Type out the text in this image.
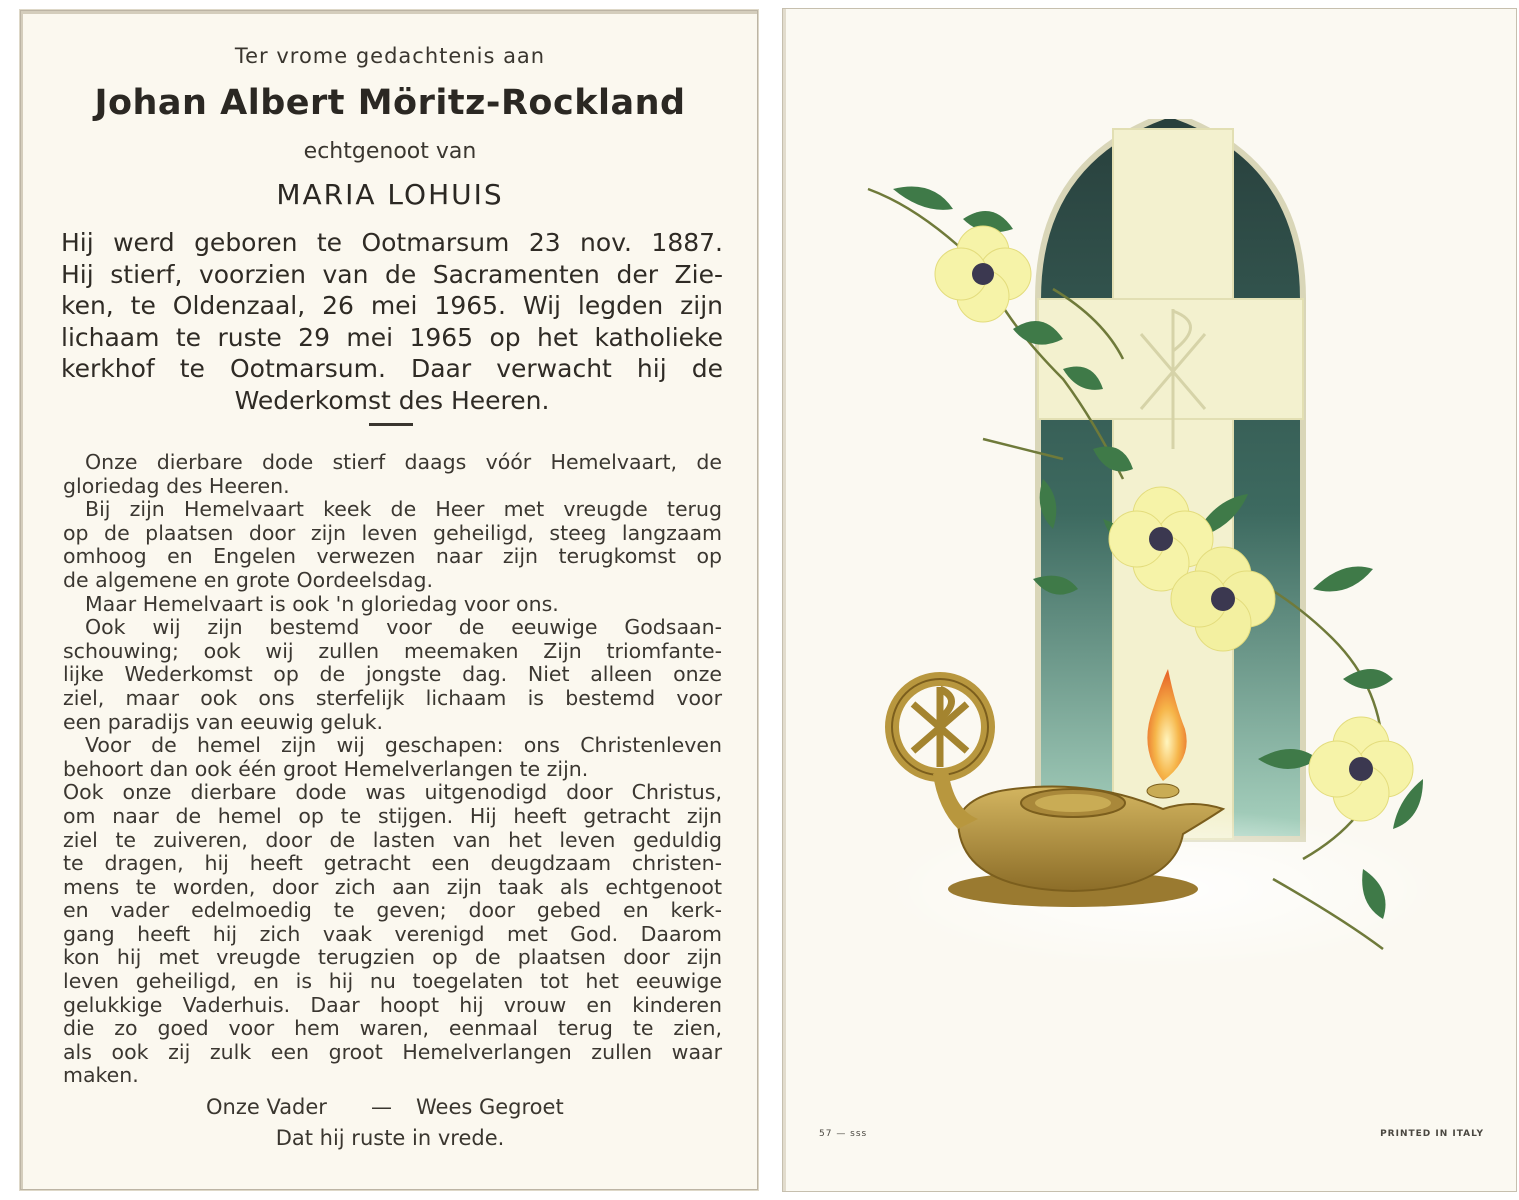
Ter vrome gedachtenis aan
Johan Albert Möritz-Rockland
echtgenoot van
MARIA LOHUIS
Hij werd geboren te Ootmarsum 23 nov. 1887.
Hij stierf, voorzien van de Sacramenten der Zie-
ken, te Oldenzaal, 26 mei 1965. Wij legden zijn
lichaam te ruste 29 mei 1965 op het katholieke
kerkhof te Ootmarsum. Daar verwacht hij de
Wederkomst des Heeren.
Onze dierbare dode stierf daags vóór Hemelvaart, de
gloriedag des Heeren.
Bij zijn Hemelvaart keek de Heer met vreugde terug
op de plaatsen door zijn leven geheiligd, steeg langzaam
omhoog en Engelen verwezen naar zijn terugkomst op
de algemene en grote Oordeelsdag.
Maar Hemelvaart is ook 'n gloriedag voor ons.
Ook wij zijn bestemd voor de eeuwige Godsaan-
schouwing; ook wij zullen meemaken Zijn triomfante-
lijke Wederkomst op de jongste dag. Niet alleen onze
ziel, maar ook ons sterfelijk lichaam is bestemd voor
een paradijs van eeuwig geluk.
Voor de hemel zijn wij geschapen: ons Christenleven
behoort dan ook één groot Hemelverlangen te zijn.
Ook onze dierbare dode was uitgenodigd door Christus,
om naar de hemel op te stijgen. Hij heeft getracht zijn
ziel te zuiveren, door de lasten van het leven geduldig
te dragen, hij heeft getracht een deugdzaam christen-
mens te worden, door zich aan zijn taak als echtgenoot
en vader edelmoedig te geven; door gebed en kerk-
gang heeft hij zich vaak verenigd met God. Daarom
kon hij met vreugde terugzien op de plaatsen door zijn
leven geheiligd, en is hij nu toegelaten tot het eeuwige
gelukkige Vaderhuis. Daar hoopt hij vrouw en kinderen
die zo goed voor hem waren, eenmaal terug te zien,
als ook zij zulk een groot Hemelverlangen zullen waar
maken.
Onze Vader — Wees Gegroet
Dat hij ruste in vrede.	57 — sss	PRINTED IN ITALY
